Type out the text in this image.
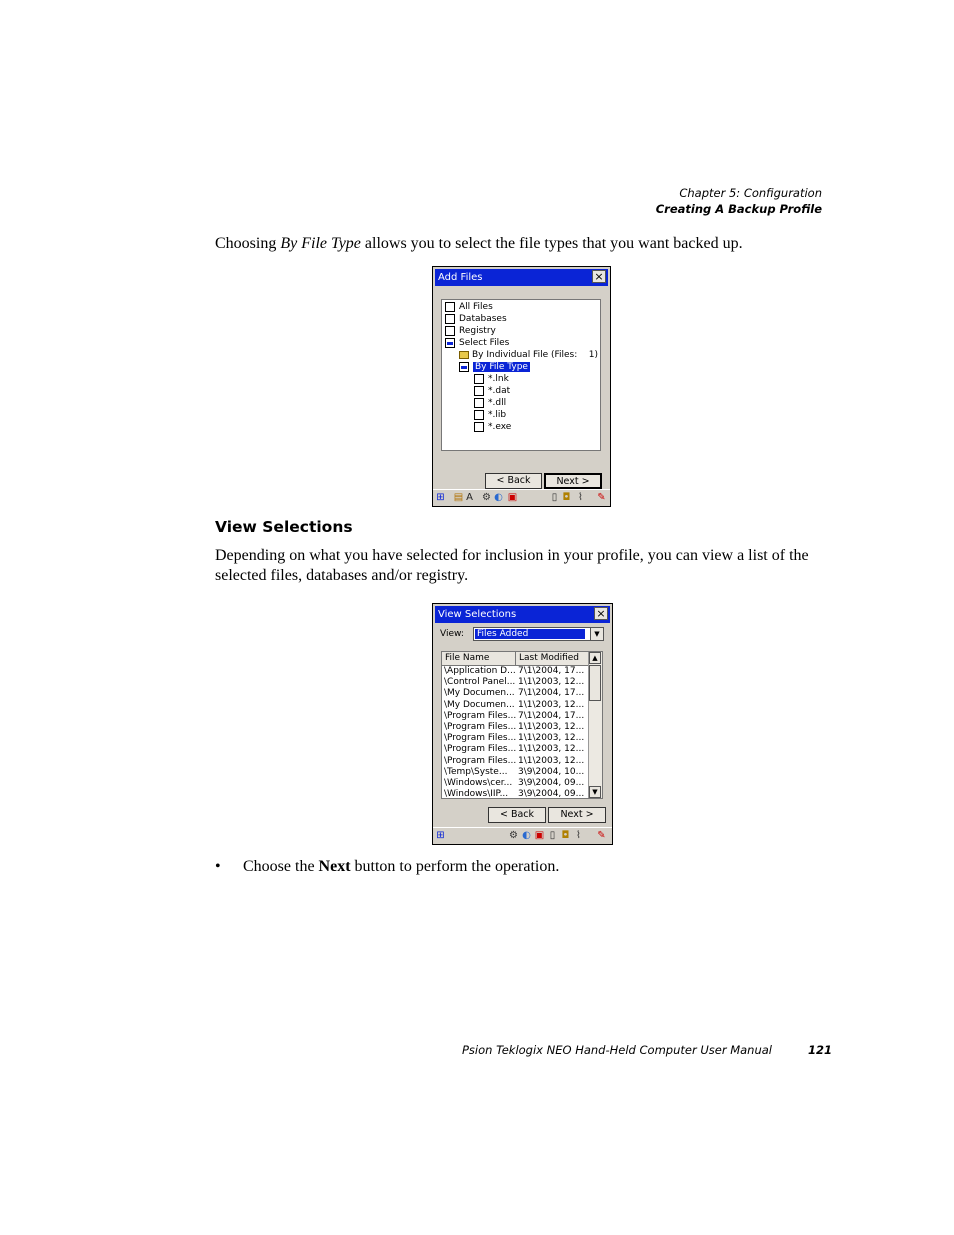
Chapter 5: Configuration
Creating A Backup Profile
Choosing By File Type allows you to select the file types that you want backed up.
Add Files	×
All Files
Databases
Registry
Select Files
By Individual File (Files: 1)
By File Type
*.lnk
*.dat
*.dll
*.lib
*.exe
< Back	Next >
⊞ ▤ A ⚙ ◐ ▣	▯ ◘ ⌇	✎
View Selections
Depending on what you have selected for inclusion in your profile, you can view a list of the selected files, databases and/or registry.
View Selections	×
View: Files Added	▼
File Name	Last Modified
\Application D... 7\1\2004, 17...
\Control Panel... 1\1\2003, 12...
\My Documen... 7\1\2004, 17...
\My Documen... 1\1\2003, 12...
\Program Files... 7\1\2004, 17...
\Program Files... 1\1\2003, 12...
\Program Files... 1\1\2003, 12...
\Program Files... 1\1\2003, 12...
\Program Files... 1\1\2003, 12...
\Temp\Syste... 3\9\2004, 10...
\Windows\cer... 3\9\2004, 09...
\Windows\IIP... 3\9\2004, 09...
▲
▼
< Back	Next >
⊞	⚙ ◐ ▣ ▯ ◘ ⌇	✎
• Choose the Next button to perform the operation.
Psion Teklogix NEO Hand-Held Computer User Manual	121
